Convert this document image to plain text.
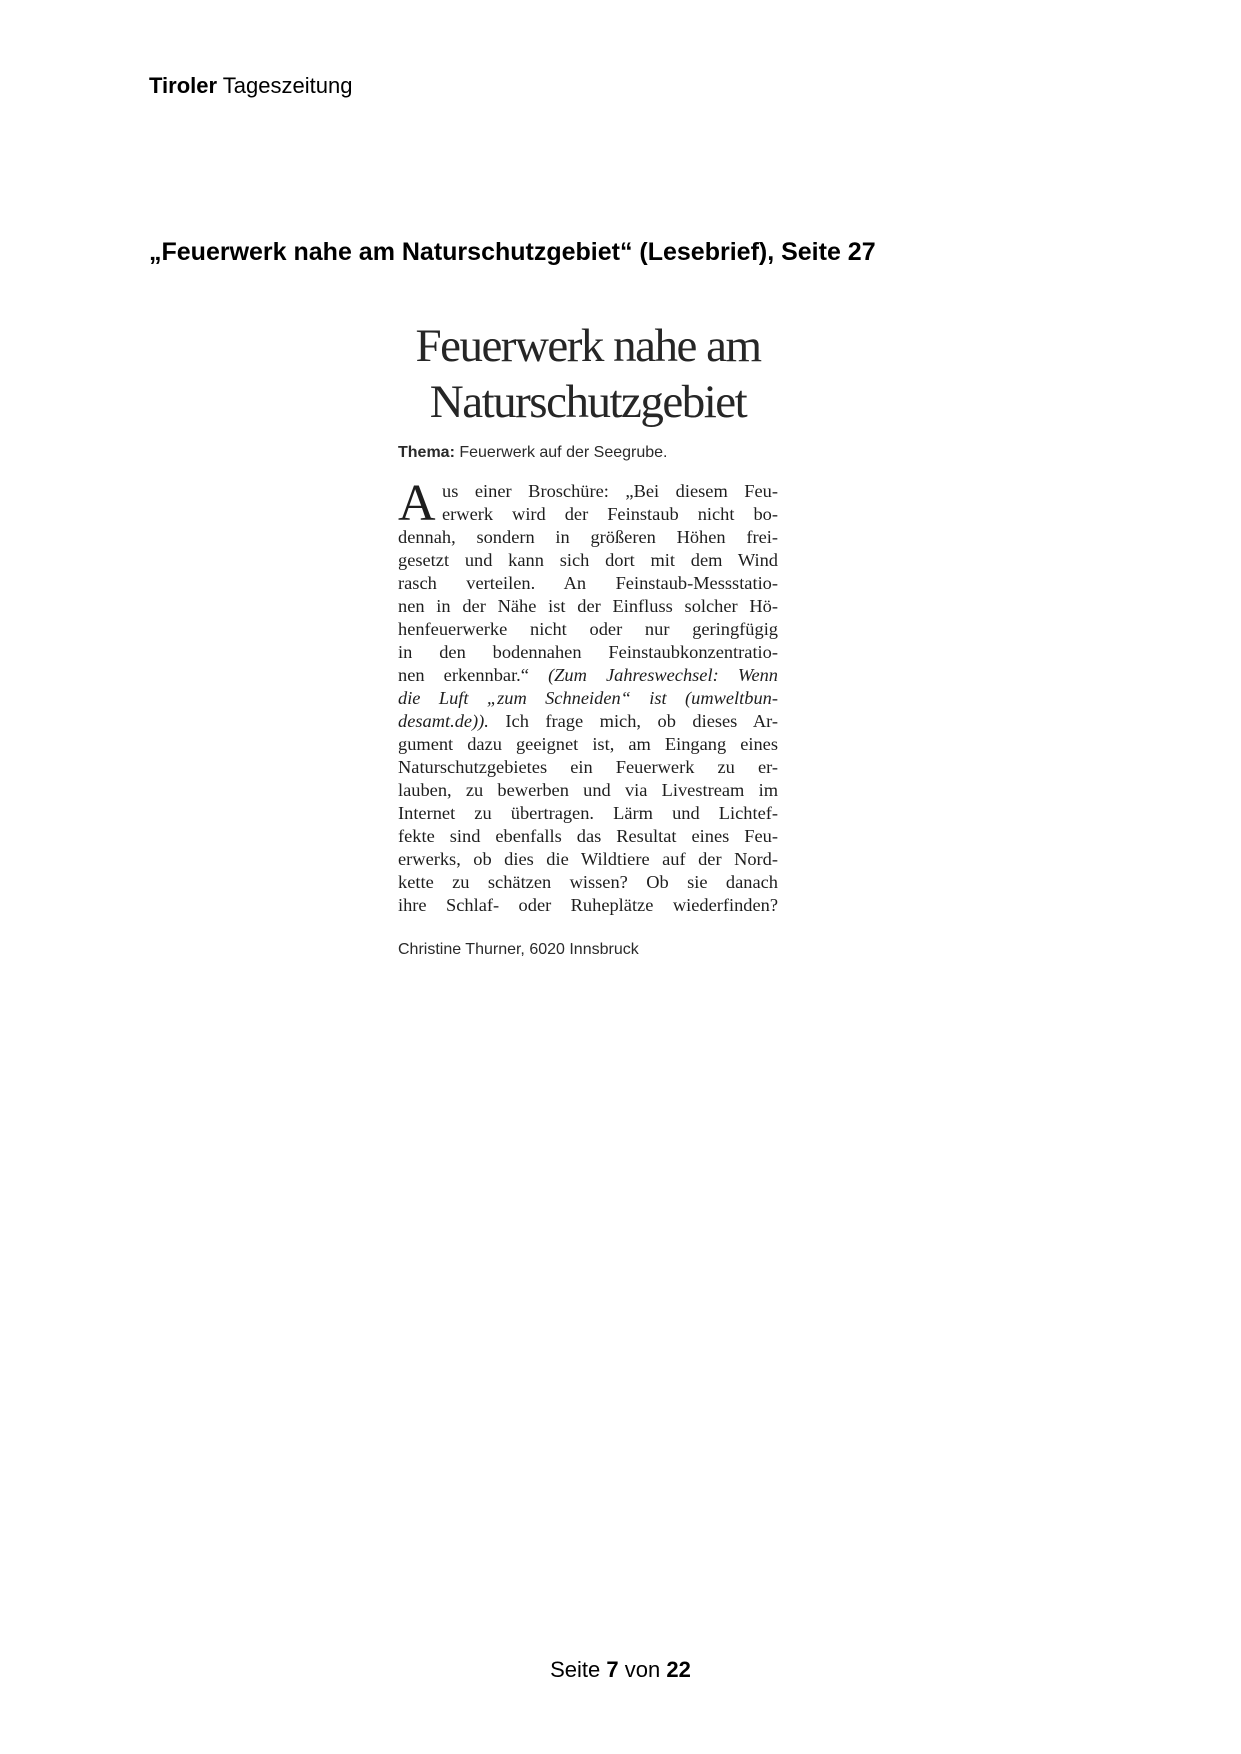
Tiroler Tageszeitung
„Feuerwerk nahe am Naturschutzgebiet“ (Lesebrief), Seite 27
Feuerwerk nahe am
Naturschutzgebiet
Thema: Feuerwerk auf der Seegrube.
A us einer Broschüre: „Bei diesem Feu-
erwerk wird der Feinstaub nicht bo-
dennah, sondern in größeren Höhen frei-
gesetzt und kann sich dort mit dem Wind
rasch verteilen. An Feinstaub-Messstatio-
nen in der Nähe ist der Einfluss solcher Hö-
henfeuerwerke nicht oder nur geringfügig
in den bodennahen Feinstaubkonzentratio-
nen erkennbar.“ (Zum Jahreswechsel: Wenn
die Luft „zum Schneiden“ ist (umweltbun-
desamt.de)). Ich frage mich, ob dieses Ar-
gument dazu geeignet ist, am Eingang eines
Naturschutzgebietes ein Feuerwerk zu er-
lauben, zu bewerben und via Livestream im
Internet zu übertragen. Lärm und Lichtef-
fekte sind ebenfalls das Resultat eines Feu-
erwerks, ob dies die Wildtiere auf der Nord-
kette zu schätzen wissen? Ob sie danach
ihre Schlaf- oder Ruheplätze wiederfinden?
Christine Thurner, 6020 Innsbruck
Seite 7 von 22
